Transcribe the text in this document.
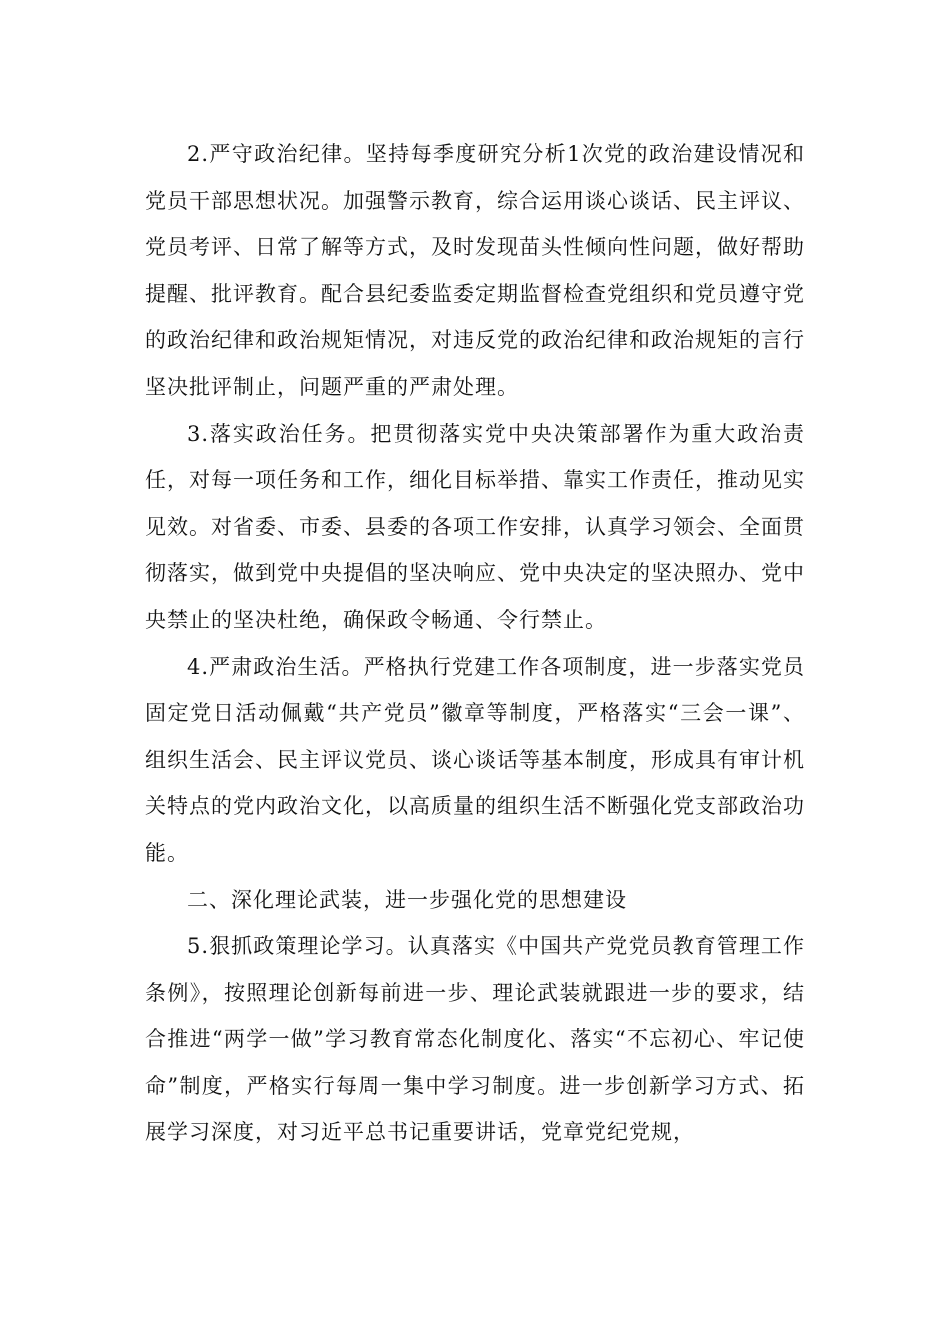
2.严守政治纪律。坚持每季度研究分析1次党的政治建设情况和党员干部思想状况。加强警示教育，综合运用谈心谈话、民主评议、党员考评、日常了解等方式，及时发现苗头性倾向性问题，做好帮助提醒、批评教育。配合县纪委监委定期监督检查党组织和党员遵守党的政治纪律和政治规矩情况，对违反党的政治纪律和政治规矩的言行坚决批评制止，问题严重的严肃处理。

3.落实政治任务。把贯彻落实党中央决策部署作为重大政治责任，对每一项任务和工作，细化目标举措、靠实工作责任，推动见实见效。对省委、市委、县委的各项工作安排，认真学习领会、全面贯彻落实，做到党中央提倡的坚决响应、党中央决定的坚决照办、党中央禁止的坚决杜绝，确保政令畅通、令行禁止。

4.严肃政治生活。严格执行党建工作各项制度，进一步落实党员固定党日活动佩戴“共产党员”徽章等制度，严格落实“三会一课”、组织生活会、民主评议党员、谈心谈话等基本制度，形成具有审计机关特点的党内政治文化，以高质量的组织生活不断强化党支部政治功能。

二、深化理论武装，进一步强化党的思想建设

5.狠抓政策理论学习。认真落实《中国共产党党员教育管理工作条例》，按照理论创新每前进一步、理论武装就跟进一步的要求，结合推进“两学一做”学习教育常态化制度化、落实“不忘初心、牢记使命”制度，严格实行每周一集中学习制度。进一步创新学习方式、拓展学习深度，对习近平总书记重要讲话，党章党纪党规，
